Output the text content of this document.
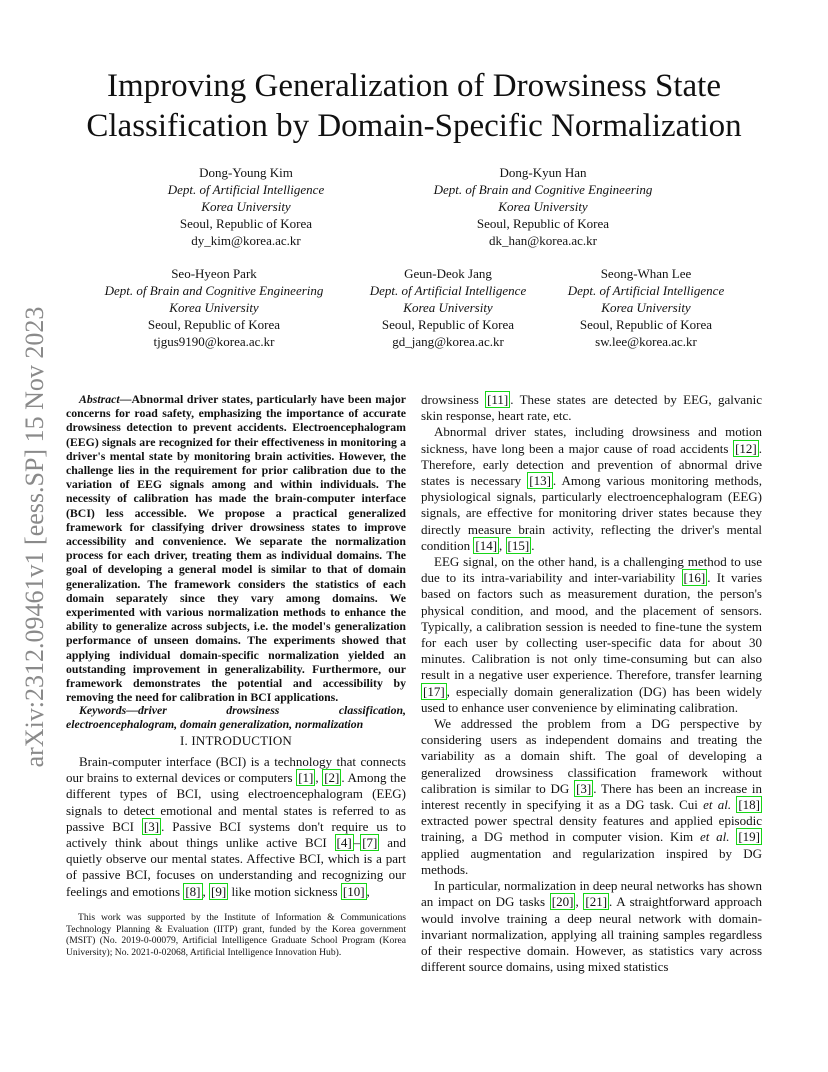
arXiv:2312.09461v1 [eess.SP] 15 Nov 2023
Improving Generalization of Drowsiness State
Classification by Domain-Specific Normalization
Dong-Young Kim
Dept. of Artificial Intelligence
Korea University
Seoul, Republic of Korea
dy_kim@korea.ac.kr
Dong-Kyun Han
Dept. of Brain and Cognitive Engineering
Korea University
Seoul, Republic of Korea
dk_han@korea.ac.kr
Seo-Hyeon Park
Dept. of Brain and Cognitive Engineering
Korea University
Seoul, Republic of Korea
tjgus9190@korea.ac.kr
Geun-Deok Jang
Dept. of Artificial Intelligence
Korea University
Seoul, Republic of Korea
gd_jang@korea.ac.kr
Seong-Whan Lee
Dept. of Artificial Intelligence
Korea University
Seoul, Republic of Korea
sw.lee@korea.ac.kr

Abstract—Abnormal driver states, particularly have been major concerns for road safety, emphasizing the importance of accurate drowsiness detection to prevent accidents. Electroencephalogram (EEG) signals are recognized for their effectiveness in monitoring a driver's mental state by monitoring brain activities. However, the challenge lies in the requirement for prior calibration due to the variation of EEG signals among and within individuals. The necessity of calibration has made the brain-computer interface (BCI) less accessible. We propose a practical generalized framework for classifying driver drowsiness states to improve accessibility and convenience. We separate the normalization process for each driver, treating them as individual domains. The goal of developing a general model is similar to that of domain generalization. The framework considers the statistics of each domain separately since they vary among domains. We experimented with various normalization methods to enhance the ability to generalize across subjects, i.e. the model's generalization performance of unseen domains. The experiments showed that applying individual domain-specific normalization yielded an outstanding improvement in generalizability. Furthermore, our framework demonstrates the potential and accessibility by removing the need for calibration in BCI applications.

Keywords—driver drowsiness classification, electroencephalogram, domain generalization, normalization

I. INTRODUCTION

Brain-computer interface (BCI) is a technology that connects our brains to external devices or computers [1] , [2] . Among the different types of BCI, using electroencephalogram (EEG) signals to detect emotional and mental states is referred to as passive BCI [3] . Passive BCI systems don't require us to actively think about things unlike active BCI [4] – [7] and quietly observe our mental states. Affective BCI, which is a part of passive BCI, focuses on understanding and recognizing our feelings and emotions [8] , [9] like motion sickness [10] ,

This work was supported by the Institute of Information & Communications Technology Planning & Evaluation (IITP) grant, funded by the Korea government (MSIT) (No. 2019-0-00079, Artificial Intelligence Graduate School Program (Korea University); No. 2021-0-02068, Artificial Intelligence Innovation Hub).

drowsiness [11] . These states are detected by EEG, galvanic skin response, heart rate, etc.

Abnormal driver states, including drowsiness and motion sickness, have long been a major cause of road accidents [12] . Therefore, early detection and prevention of abnormal drive states is necessary [13] . Among various monitoring methods, physiological signals, particularly electroencephalogram (EEG) signals, are effective for monitoring driver states because they directly measure brain activity, reflecting the driver's mental condition [14] , [15] .

EEG signal, on the other hand, is a challenging method to use due to its intra-variability and inter-variability [16] . It varies based on factors such as measurement duration, the person's physical condition, and mood, and the placement of sensors. Typically, a calibration session is needed to fine-tune the system for each user by collecting user-specific data for about 30 minutes. Calibration is not only time-consuming but can also result in a negative user experience. Therefore, transfer learning [17] , especially domain generalization (DG) has been widely used to enhance user convenience by eliminating calibration.

We addressed the problem from a DG perspective by considering users as independent domains and treating the variability as a domain shift. The goal of developing a generalized drowsiness classification framework without calibration is similar to DG [3] . There has been an increase in interest recently in specifying it as a DG task. Cui et al. [18] extracted power spectral density features and applied episodic training, a DG method in computer vision. Kim et al. [19] applied augmentation and regularization inspired by DG methods.

In particular, normalization in deep neural networks has shown an impact on DG tasks [20] , [21] . A straightforward approach would involve training a deep neural network with domain-invariant normalization, applying all training samples regardless of their respective domain. However, as statistics vary across different source domains, using mixed statistics
